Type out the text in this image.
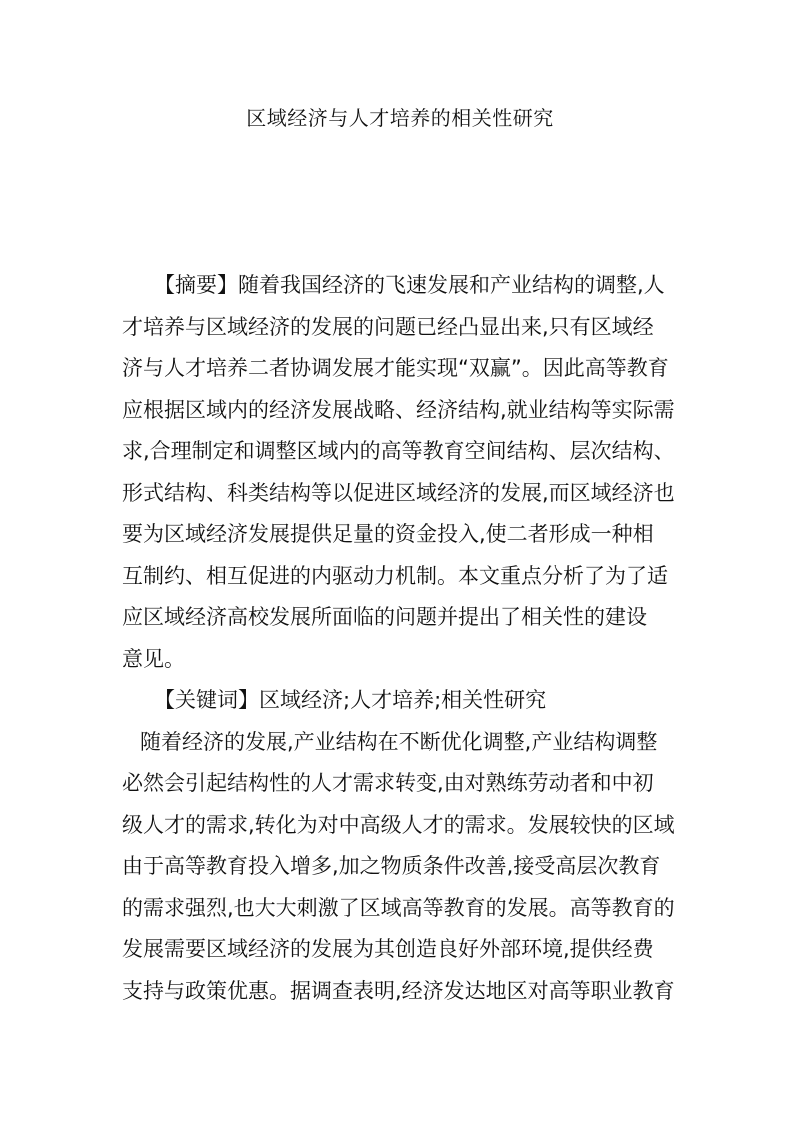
区域经济与人才培养的相关性研究
【摘要】随着我国经济的飞速发展和产业结构的调整,人
才培养与区域经济的发展的问题已经凸显出来,只有区域经
济与人才培养二者协调发展才能实现“双赢”。因此高等教育
应根据区域内的经济发展战略、经济结构,就业结构等实际需
求,合理制定和调整区域内的高等教育空间结构、层次结构、
形式结构、科类结构等以促进区域经济的发展,而区域经济也
要为区域经济发展提供足量的资金投入,使二者形成一种相
互制约、相互促进的内驱动力机制。本文重点分析了为了适
应区域经济高校发展所面临的问题并提出了相关性的建设
意见。
【关键词】区域经济;人才培养;相关性研究
随着经济的发展,产业结构在不断优化调整,产业结构调整
必然会引起结构性的人才需求转变,由对熟练劳动者和中初
级人才的需求,转化为对中高级人才的需求。发展较快的区域
由于高等教育投入增多,加之物质条件改善,接受高层次教育
的需求强烈,也大大刺激了区域高等教育的发展。高等教育的
发展需要区域经济的发展为其创造良好外部环境,提供经费
支持与政策优惠。据调查表明,经济发达地区对高等职业教育
